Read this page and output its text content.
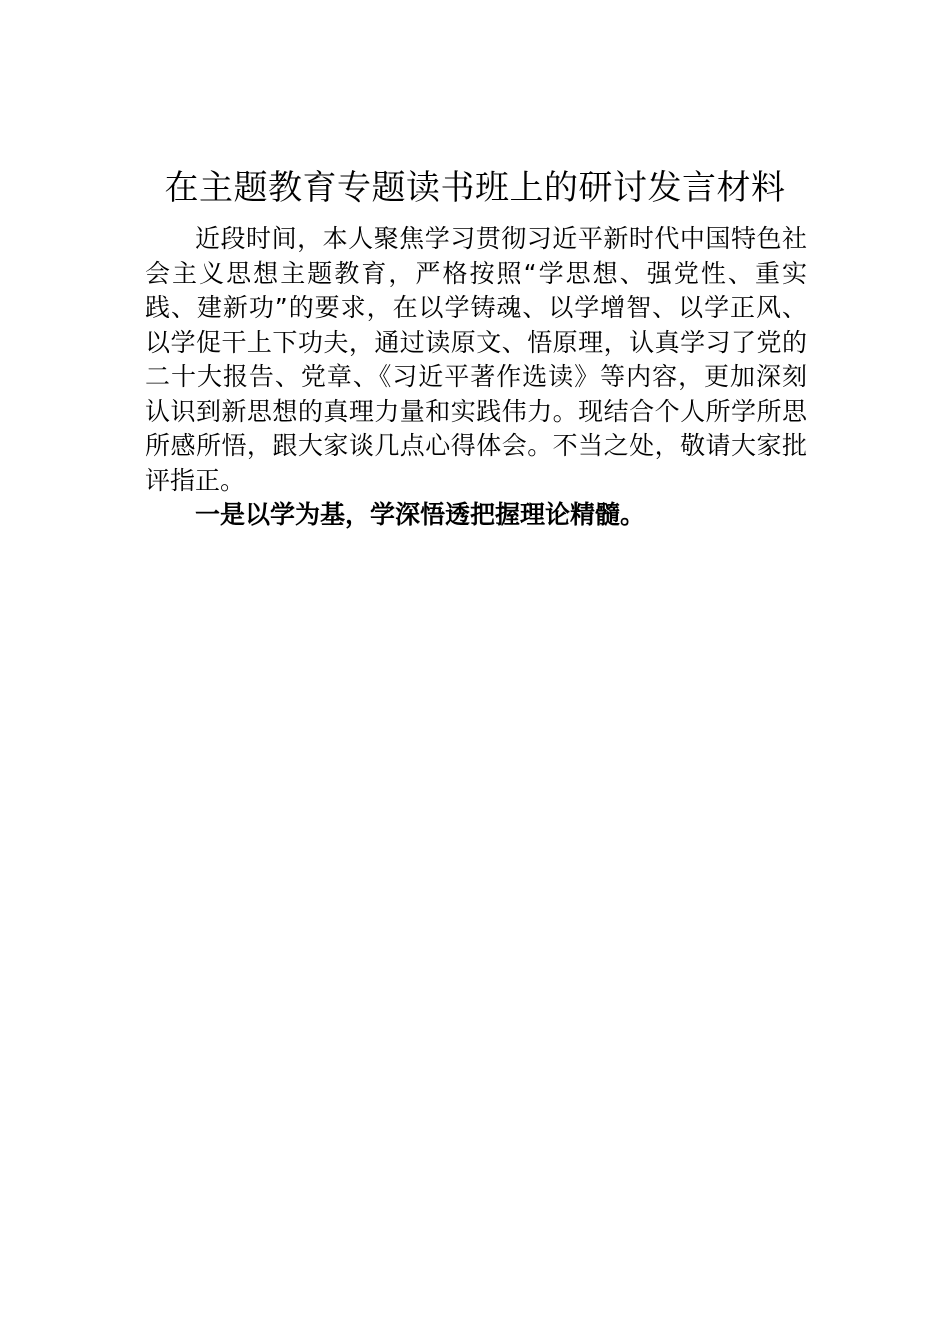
在主题教育专题读书班上的研讨发言材料

近段时间，本人聚焦学习贯彻习近平新时代中国特色社会主义思想主题教育，严格按照“学思想、强党性、重实践、建新功”的要求，在以学铸魂、以学增智、以学正风、以学促干上下功夫，通过读原文、悟原理，认真学习了党的二十大报告、党章、《习近平著作选读》等内容，更加深刻认识到新思想的真理力量和实践伟力。现结合个人所学所思所感所悟，跟大家谈几点心得体会。不当之处，敬请大家批评指正。

一是以学为基，学深悟透把握理论精髓。
